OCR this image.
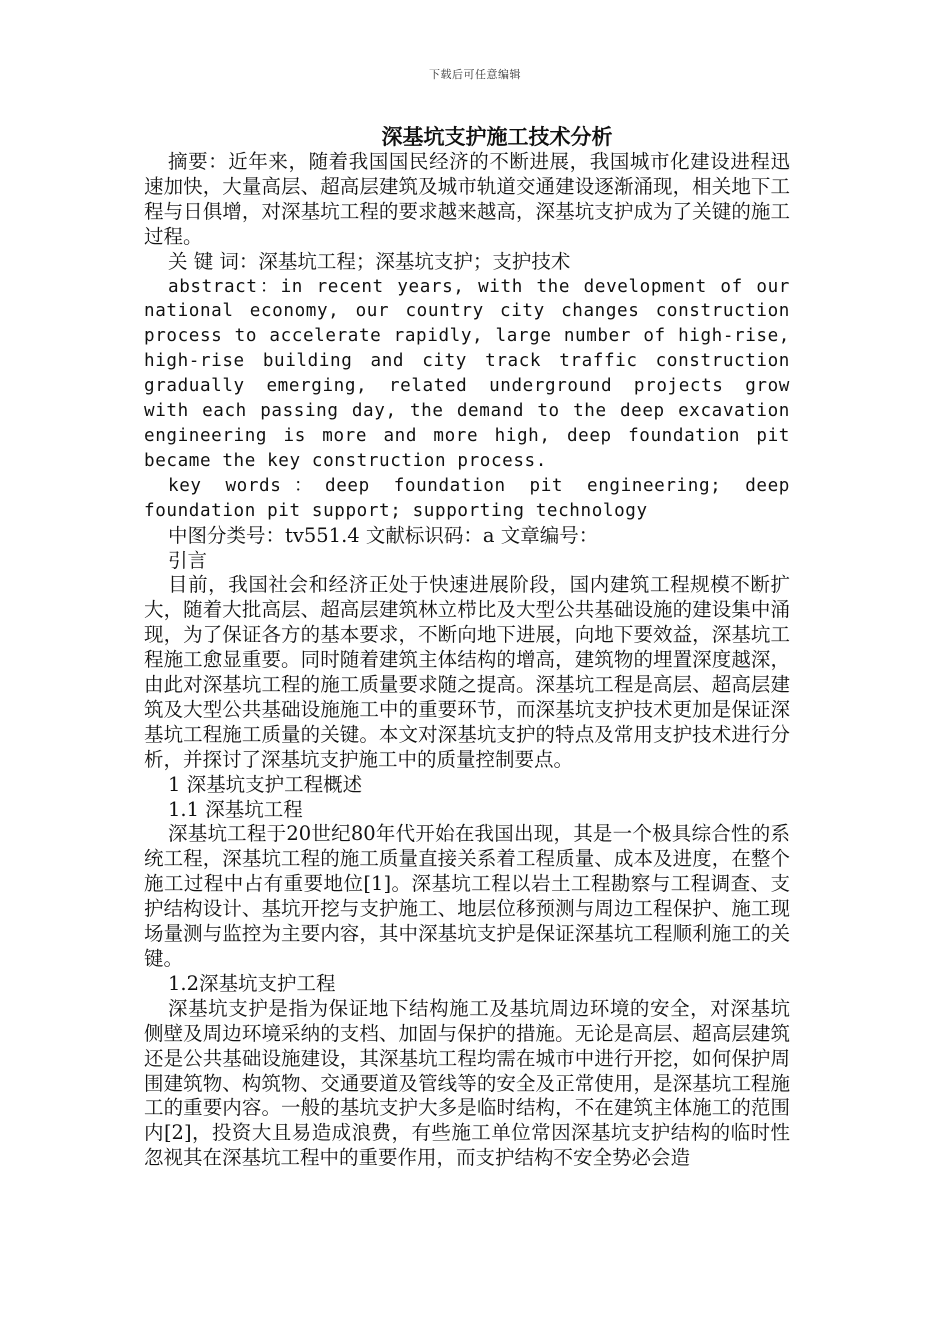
下载后可任意编辑

深基坑支护施工技术分析

摘要：近年来，随着我国国民经济的不断进展，我国城市化建设进程迅速加快，大量高层、超高层建筑及城市轨道交通建设逐渐涌现，相关地下工程与日俱增，对深基坑工程的要求越来越高，深基坑支护成为了关键的施工过程。

关 键 词：深基坑工程；深基坑支护；支护技术

abstract：in recent years, with the development of our national economy, our country city changes construction process to accelerate rapidly, large number of high-rise, high-rise building and city track traffic construction gradually emerging, related underground projects grow with each passing day, the demand to the deep excavation engineering is more and more high, deep foundation pit became the key construction process.

key words：deep foundation pit engineering; deep foundation pit support; supporting technology

中图分类号：tv551.4 文献标识码：a 文章编号：

引言

目前，我国社会和经济正处于快速进展阶段，国内建筑工程规模不断扩大，随着大批高层、超高层建筑林立栉比及大型公共基础设施的建设集中涌现，为了保证各方的基本要求，不断向地下进展，向地下要效益，深基坑工程施工愈显重要。同时随着建筑主体结构的增高，建筑物的埋置深度越深，由此对深基坑工程的施工质量要求随之提高。深基坑工程是高层、超高层建筑及大型公共基础设施施工中的重要环节，而深基坑支护技术更加是保证深基坑工程施工质量的关键。本文对深基坑支护的特点及常用支护技术进行分析，并探讨了深基坑支护施工中的质量控制要点。

1 深基坑支护工程概述

1.1 深基坑工程

深基坑工程于20世纪80年代开始在我国出现，其是一个极具综合性的系统工程，深基坑工程的施工质量直接关系着工程质量、成本及进度，在整个施工过程中占有重要地位[1]。深基坑工程以岩土工程勘察与工程调查、支护结构设计、基坑开挖与支护施工、地层位移预测与周边工程保护、施工现场量测与监控为主要内容，其中深基坑支护是保证深基坑工程顺利施工的关键。

1.2深基坑支护工程

深基坑支护是指为保证地下结构施工及基坑周边环境的安全，对深基坑侧壁及周边环境采纳的支档、加固与保护的措施。无论是高层、超高层建筑还是公共基础设施建设，其深基坑工程均需在城市中进行开挖，如何保护周围建筑物、构筑物、交通要道及管线等的安全及正常使用，是深基坑工程施工的重要内容。一般的基坑支护大多是临时结构，不在建筑主体施工的范围内[2]，投资大且易造成浪费，有些施工单位常因深基坑支护结构的临时性忽视其在深基坑工程中的重要作用，而支护结构不安全势必会造
